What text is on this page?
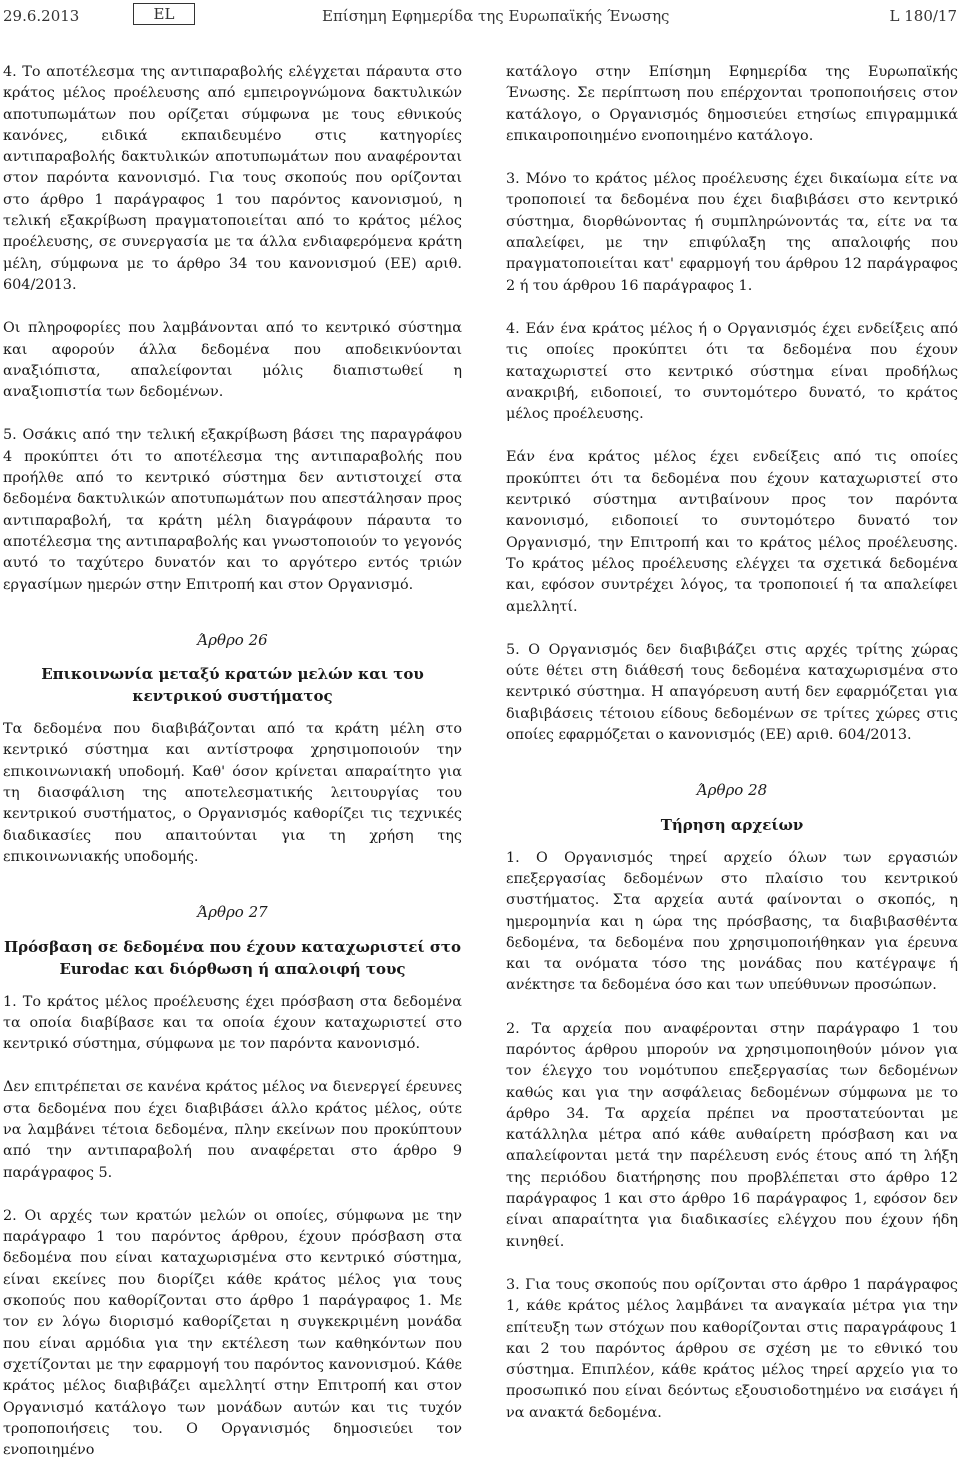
29.6.2013	EL	Επίσημη Εφημερίδα της Ευρωπαϊκής Ένωσης	L 180/17

4. Το αποτέλεσμα της αντιπαραβολής ελέγχεται πάραυτα στο κράτος μέλος προέλευσης από εμπειρογνώμονα δακτυλικών αποτυπωμάτων που ορίζεται σύμφωνα με τους εθνικούς κανόνες, ειδικά εκπαιδευμένο στις κατηγορίες αντιπαραβολής δακτυλικών αποτυπωμάτων που αναφέρονται στον παρόντα κανονισμό. Για τους σκοπούς που ορίζονται στο άρθρο 1 παράγραφος 1 του παρόντος κανονισμού, η τελική εξακρίβωση πραγματοποιείται από το κράτος μέλος προέλευσης, σε συνεργασία με τα άλλα ενδιαφερόμενα κράτη μέλη, σύμφωνα με το άρθρο 34 του κανονισμού (ΕΕ) αριθ. 604/2013.

Οι πληροφορίες που λαμβάνονται από το κεντρικό σύστημα και αφορούν άλλα δεδομένα που αποδεικνύονται αναξιόπιστα, απαλείφονται μόλις διαπιστωθεί η αναξιοπιστία των δεδομένων.

5. Οσάκις από την τελική εξακρίβωση βάσει της παραγράφου 4 προκύπτει ότι το αποτέλεσμα της αντιπαραβολής που προήλθε από το κεντρικό σύστημα δεν αντιστοιχεί στα δεδομένα δακτυλικών αποτυπωμάτων που απεστάλησαν προς αντιπαραβολή, τα κράτη μέλη διαγράφουν πάραυτα το αποτέλεσμα της αντιπαραβολής και γνωστοποιούν το γεγονός αυτό το ταχύτερο δυνατόν και το αργότερο εντός τριών εργασίμων ημερών στην Επιτροπή και στον Οργανισμό.

Άρθρο 26

Επικοινωνία μεταξύ κρατών μελών και του κεντρικού συστήματος

Τα δεδομένα που διαβιβάζονται από τα κράτη μέλη στο κεντρικό σύστημα και αντίστροφα χρησιμοποιούν την επικοινωνιακή υποδομή. Καθ' όσον κρίνεται απαραίτητο για τη διασφάλιση της αποτελεσματικής λειτουργίας του κεντρικού συστήματος, ο Οργανισμός καθορίζει τις τεχνικές διαδικασίες που απαιτούνται για τη χρήση της επικοινωνιακής υποδομής.

Άρθρο 27

Πρόσβαση σε δεδομένα που έχουν καταχωριστεί στο Eurodac και διόρθωση ή απαλοιφή τους

1. Το κράτος μέλος προέλευσης έχει πρόσβαση στα δεδομένα τα οποία διαβίβασε και τα οποία έχουν καταχωριστεί στο κεντρικό σύστημα, σύμφωνα με τον παρόντα κανονισμό.

Δεν επιτρέπεται σε κανένα κράτος μέλος να διενεργεί έρευνες στα δεδομένα που έχει διαβιβάσει άλλο κράτος μέλος, ούτε να λαμβάνει τέτοια δεδομένα, πλην εκείνων που προκύπτουν από την αντιπαραβολή που αναφέρεται στο άρθρο 9 παράγραφος 5.

2. Οι αρχές των κρατών μελών οι οποίες, σύμφωνα με την παράγραφο 1 του παρόντος άρθρου, έχουν πρόσβαση στα δεδομένα που είναι καταχωρισμένα στο κεντρικό σύστημα, είναι εκείνες που διορίζει κάθε κράτος μέλος για τους σκοπούς που καθορίζονται στο άρθρο 1 παράγραφος 1. Με τον εν λόγω διορισμό καθορίζεται η συγκεκριμένη μονάδα που είναι αρμόδια για την εκτέλεση των καθηκόντων που σχετίζονται με την εφαρμογή του παρόντος κανονισμού. Κάθε κράτος μέλος διαβιβάζει αμελλητί στην Επιτροπή και στον Οργανισμό κατάλογο των μονάδων αυτών και τις τυχόν τροποποιήσεις του. Ο Οργανισμός δημοσιεύει τον ενοποιημένο

κατάλογο στην Επίσημη Εφημερίδα της Ευρωπαϊκής Ένωσης. Σε περίπτωση που επέρχονται τροποποιήσεις στον κατάλογο, ο Οργανισμός δημοσιεύει ετησίως επιγραμμικά επικαιροποιημένο ενοποιημένο κατάλογο.

3. Μόνο το κράτος μέλος προέλευσης έχει δικαίωμα είτε να τροποποιεί τα δεδομένα που έχει διαβιβάσει στο κεντρικό σύστημα, διορθώνοντας ή συμπληρώνοντάς τα, είτε να τα απαλείφει, με την επιφύλαξη της απαλοιφής που πραγματοποιείται κατ' εφαρμογή του άρθρου 12 παράγραφος 2 ή του άρθρου 16 παράγραφος 1.

4. Εάν ένα κράτος μέλος ή ο Οργανισμός έχει ενδείξεις από τις οποίες προκύπτει ότι τα δεδομένα που έχουν καταχωριστεί στο κεντρικό σύστημα είναι προδήλως ανακριβή, ειδοποιεί, το συντομότερο δυνατό, το κράτος μέλος προέλευσης.

Εάν ένα κράτος μέλος έχει ενδείξεις από τις οποίες προκύπτει ότι τα δεδομένα που έχουν καταχωριστεί στο κεντρικό σύστημα αντιβαίνουν προς τον παρόντα κανονισμό, ειδοποιεί το συντομότερο δυνατό τον Οργανισμό, την Επιτροπή και το κράτος μέλος προέλευσης. Το κράτος μέλος προέλευσης ελέγχει τα σχετικά δεδομένα και, εφόσον συντρέχει λόγος, τα τροποποιεί ή τα απαλείφει αμελλητί.

5. Ο Οργανισμός δεν διαβιβάζει στις αρχές τρίτης χώρας ούτε θέτει στη διάθεσή τους δεδομένα καταχωρισμένα στο κεντρικό σύστημα. Η απαγόρευση αυτή δεν εφαρμόζεται για διαβιβάσεις τέτοιου είδους δεδομένων σε τρίτες χώρες στις οποίες εφαρμόζεται ο κανονισμός (ΕΕ) αριθ. 604/2013.

Άρθρο 28

Τήρηση αρχείων

1. Ο Οργανισμός τηρεί αρχείο όλων των εργασιών επεξεργασίας δεδομένων στο πλαίσιο του κεντρικού συστήματος. Στα αρχεία αυτά φαίνονται ο σκοπός, η ημερομηνία και η ώρα της πρόσβασης, τα διαβιβασθέντα δεδομένα, τα δεδομένα που χρησιμοποιήθηκαν για έρευνα και τα ονόματα τόσο της μονάδας που κατέγραψε ή ανέκτησε τα δεδομένα όσο και των υπεύθυνων προσώπων.

2. Τα αρχεία που αναφέρονται στην παράγραφο 1 του παρόντος άρθρου μπορούν να χρησιμοποιηθούν μόνον για τον έλεγχο του νομότυπου επεξεργασίας των δεδομένων καθώς και για την ασφάλειας δεδομένων σύμφωνα με το άρθρο 34. Τα αρχεία πρέπει να προστατεύονται με κατάλληλα μέτρα από κάθε αυθαίρετη πρόσβαση και να απαλείφονται μετά την παρέλευση ενός έτους από τη λήξη της περιόδου διατήρησης που προβλέπεται στο άρθρο 12 παράγραφος 1 και στο άρθρο 16 παράγραφος 1, εφόσον δεν είναι απαραίτητα για διαδικασίες ελέγχου που έχουν ήδη κινηθεί.

3. Για τους σκοπούς που ορίζονται στο άρθρο 1 παράγραφος 1, κάθε κράτος μέλος λαμβάνει τα αναγκαία μέτρα για την επίτευξη των στόχων που καθορίζονται στις παραγράφους 1 και 2 του παρόντος άρθρου σε σχέση με το εθνικό του σύστημα. Επιπλέον, κάθε κράτος μέλος τηρεί αρχείο για το προσωπικό που είναι δεόντως εξουσιοδοτημένο να εισάγει ή να ανακτά δεδομένα.
